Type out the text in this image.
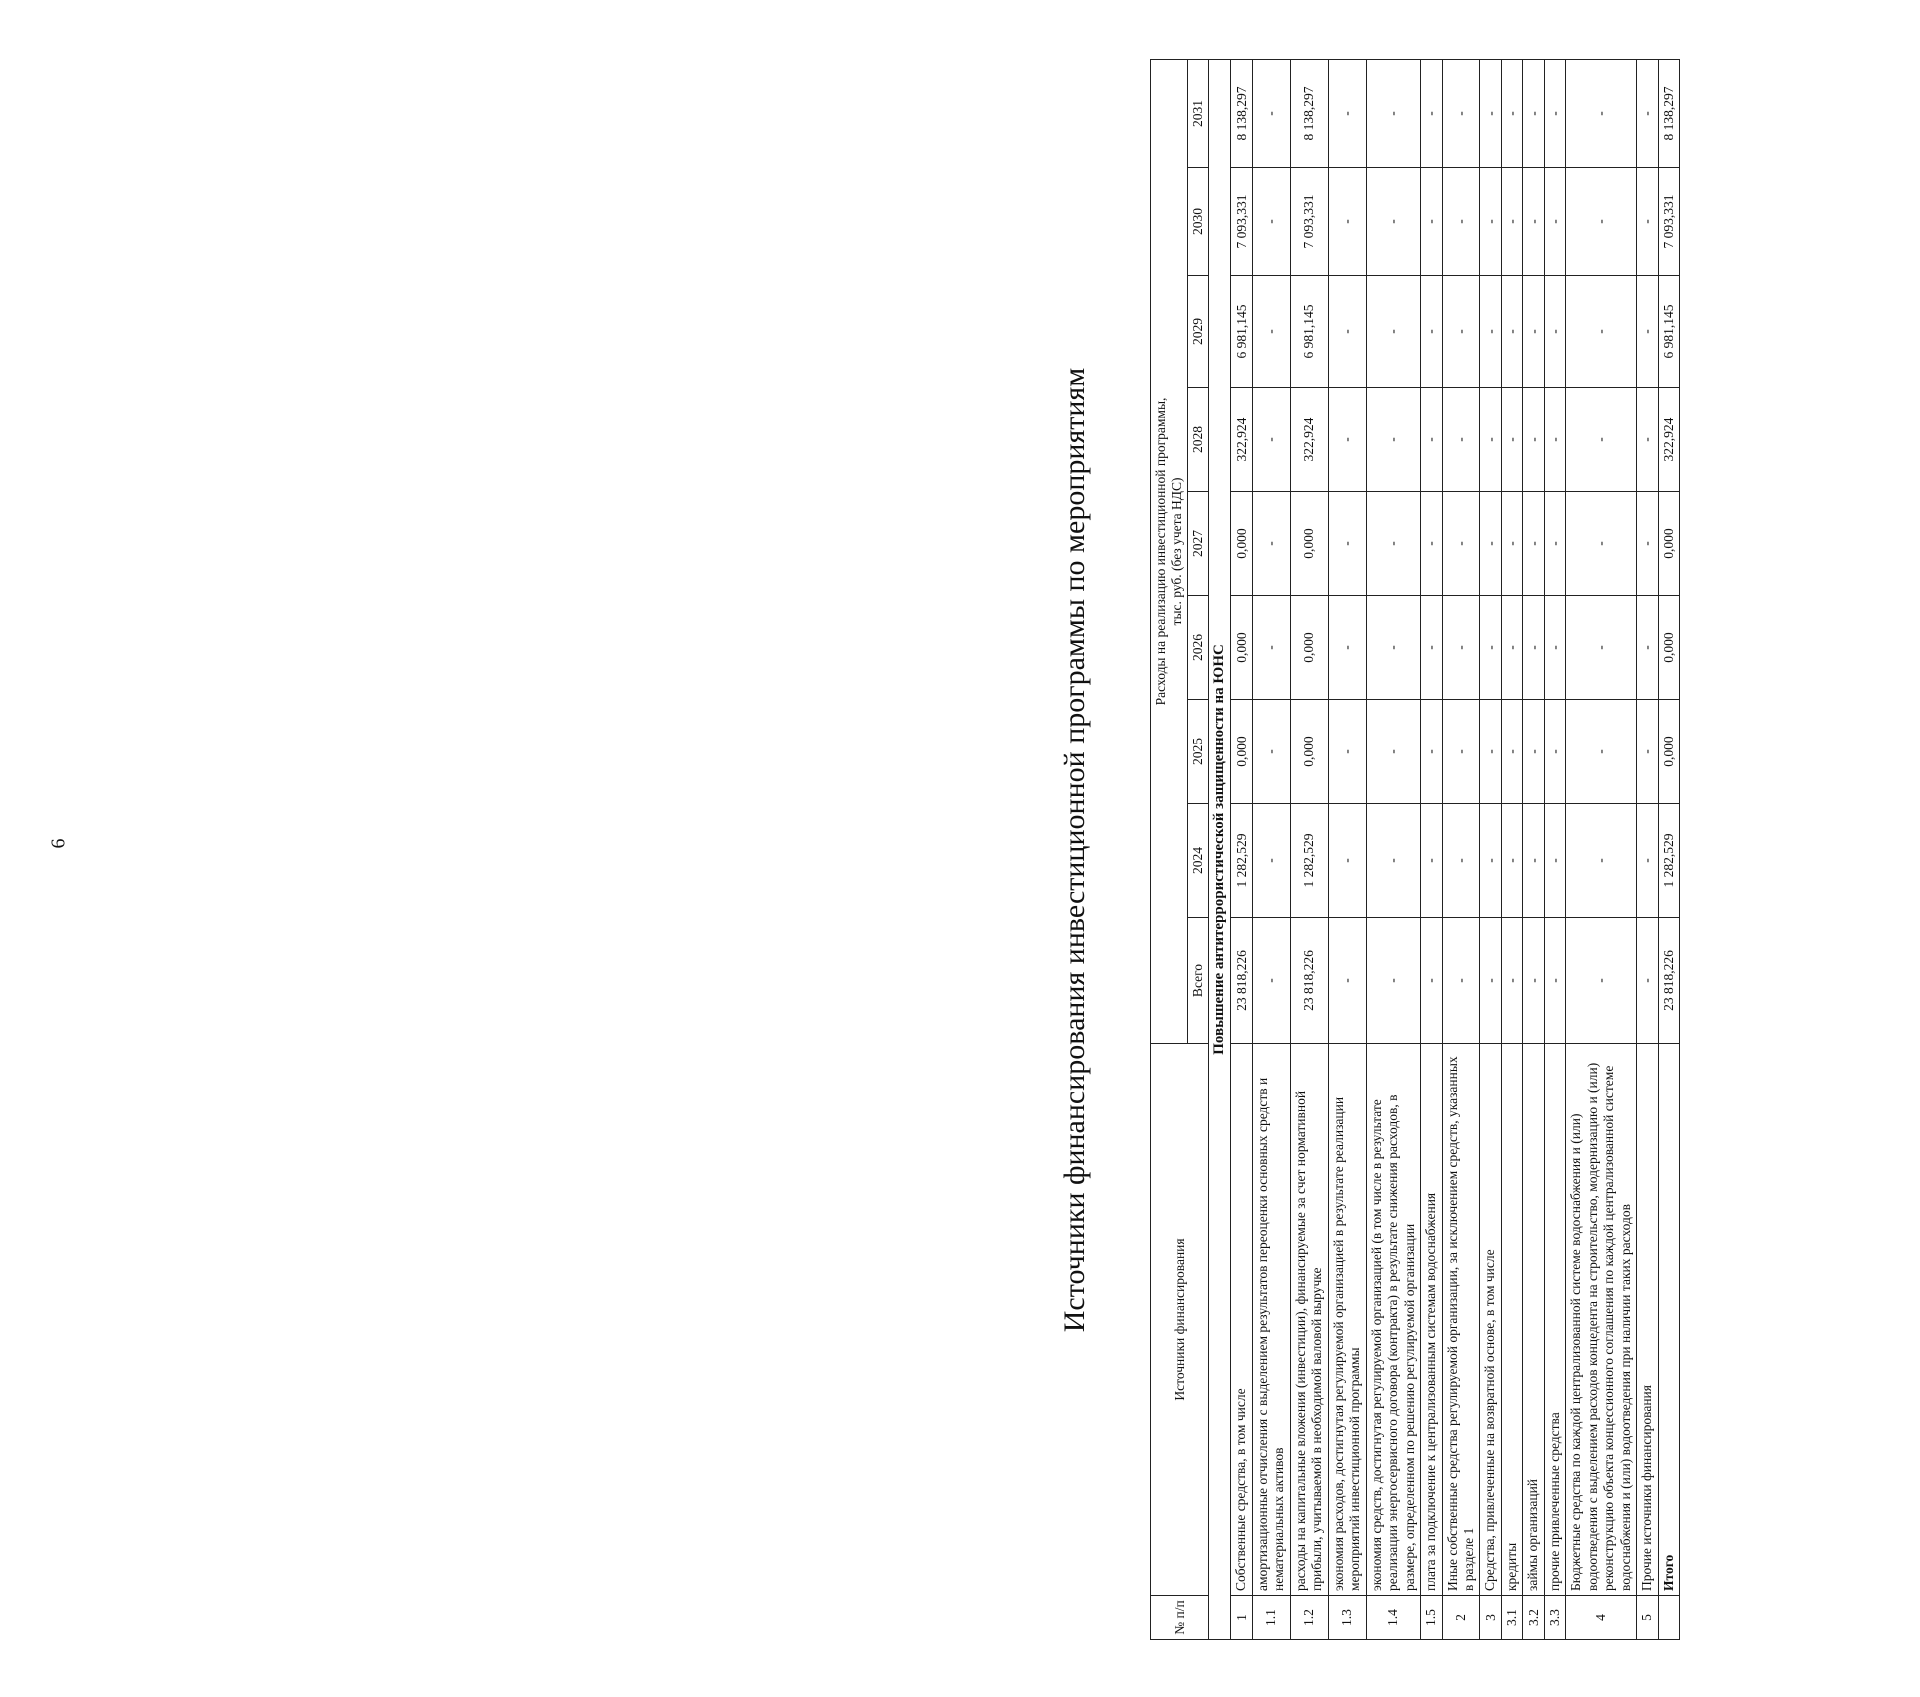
6	Источники финансирования инвестиционной программы по мероприятиям
№ п/п	Источники финансирования	Расходы на реализацию инвестиционной программы, тыс. руб. (без учета НДС)								

		Всего	2024	2025	2026	2027	2028	2029	2030	2031
Повышение антитеррористической защищенности на ЮНС										
1	Собственные средства, в том числе	23 818,226	1 282,529	0,000	0,000	0,000	322,924	6 981,145	7 093,331	8 138,297
1.1	амортизационные отчисления с выделением результатов переоценки основных средств и нематериальных активов	-	-	-	-	-	-	-	-	-
1.2	расходы на капитальные вложения (инвестиции), финансируемые за счет нормативной прибыли, учитываемой в необходимой валовой выручке	23 818,226	1 282,529	0,000	0,000	0,000	322,924	6 981,145	7 093,331	8 138,297
1.3	экономия расходов, достигнутая регулируемой организацией в результате реализации мероприятий инвестиционной программы	-	-	-	-	-	-	-	-	-
1.4	экономия средств, достигнутая регулируемой организацией (в том числе в результате реализации энергосервисного договора (контракта) в результате снижения расходов, в размере, определенном по решению регулируемой организации	-	-	-	-	-	-	-	-	-
1.5	плата за подключение к централизованным системам водоснабжения	-	-	-	-	-	-	-	-	-
2	Иные собственные средства регулируемой организации, за исключением средств, указанных в разделе 1	-	-	-	-	-	-	-	-	-
3	Средства, привлеченные на возвратной основе, в том числе	-	-	-	-	-	-	-	-	-
3.1	кредиты	-	-	-	-	-	-	-	-	-
3.2	займы организаций	-	-	-	-	-	-	-	-	-
3.3	прочие привлеченные средства	-	-	-	-	-	-	-	-	-
4	Бюджетные средства по каждой централизованной системе водоснабжения и (или) водоотведения с выделением расходов концедента на строительство, модернизацию и (или) реконструкцию объекта концессионного соглашения по каждой централизованной системе водоснабжения и (или) водоотведения при наличии таких расходов	-	-	-	-	-	-	-	-	-
5	Прочие источники финансирования	-	-	-	-	-	-	-	-	-
	Итого	23 818,226	1 282,529	0,000	0,000	0,000	322,924	6 981,145	7 093,331	8 138,297
